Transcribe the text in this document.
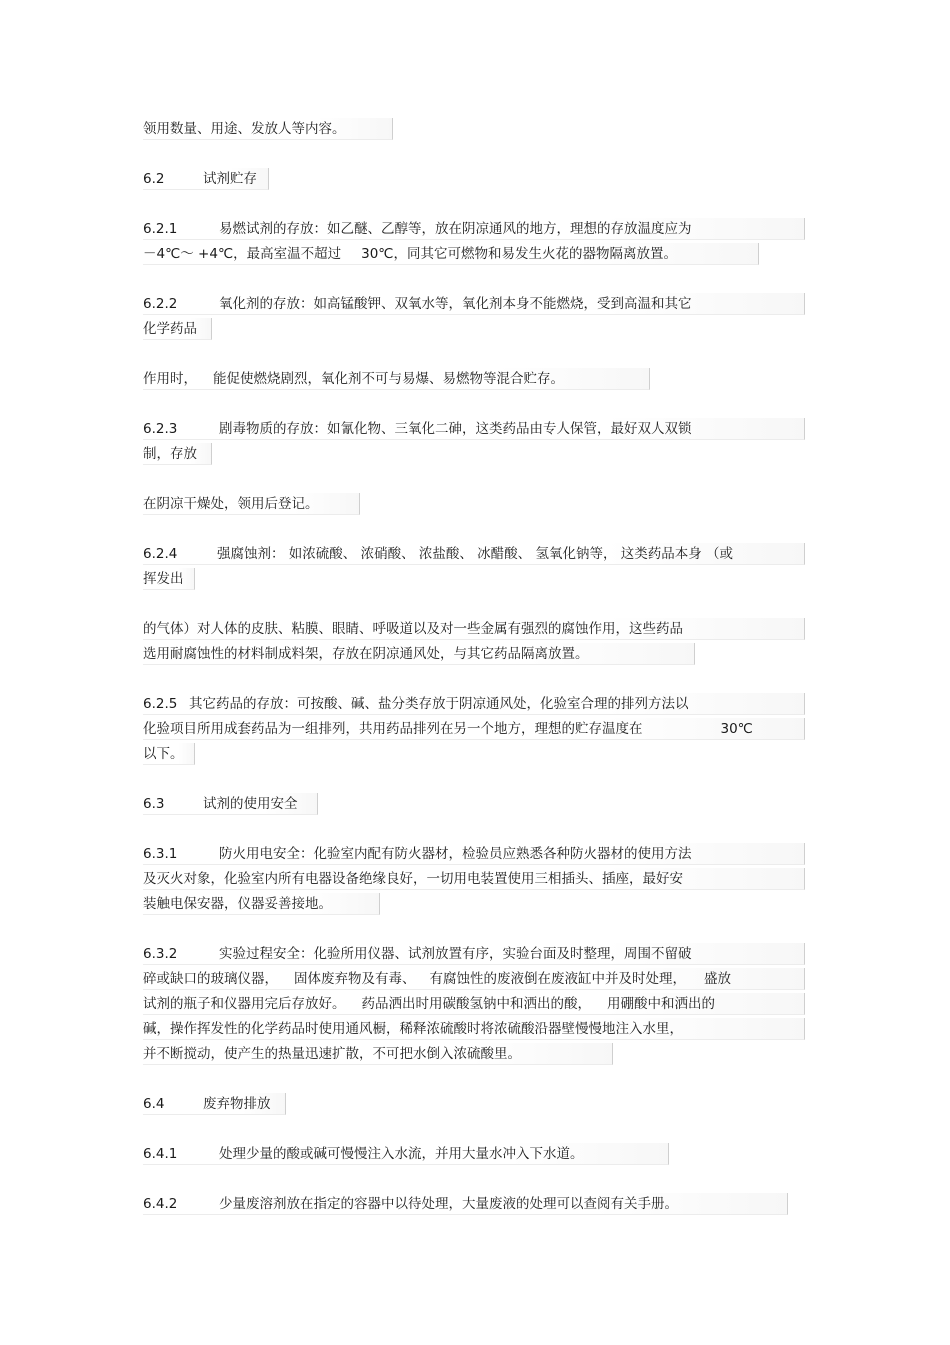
领用数量、用途、发放人等内容。
6.2	试剂贮存
6.2.1	易燃试剂的存放：如乙醚、乙醇等，放在阴凉通风的地方，理想的存放温度应为
－4℃～ +4℃，最高室温不超过 30℃，同其它可燃物和易发生火花的器物隔离放置。
6.2.2	氧化剂的存放：如高锰酸钾、双氧水等，氧化剂本身不能燃烧，受到高温和其它
化学药品
作用时， 能促使燃烧剧烈，氧化剂不可与易爆、易燃物等混合贮存。
6.2.3	剧毒物质的存放：如氰化物、三氧化二砷，这类药品由专人保管，最好双人双锁
制，存放
在阴凉干燥处，领用后登记。
6.2.4	强腐蚀剂： 如浓硫酸、 浓硝酸、 浓盐酸、 冰醋酸、 氢氧化钠等， 这类药品本身 （或
挥发出
的气体）对人体的皮肤、粘膜、眼睛、呼吸道以及对一些金属有强烈的腐蚀作用，这些药品
选用耐腐蚀性的材料制成料架，存放在阴凉通风处，与其它药品隔离放置。
6.2.5 其它药品的存放：可按酸、碱、盐分类存放于阴凉通风处，化验室合理的排列方法以
化验项目所用成套药品为一组排列，共用药品排列在另一个地方，理想的贮存温度在	30℃
以下。
6.3	试剂的使用安全
6.3.1	防火用电安全：化验室内配有防火器材，检验员应熟悉各种防火器材的使用方法
及灭火对象，化验室内所有电器设备绝缘良好，一切用电装置使用三相插头、插座，最好安
装触电保安器，仪器妥善接地。
6.3.2	实验过程安全：化验所用仪器、试剂放置有序，实验台面及时整理，周围不留破
碎或缺口的玻璃仪器， 固体废弃物及有毒、 有腐蚀性的废液倒在废液缸中并及时处理， 盛放
试剂的瓶子和仪器用完后存放好。 药品洒出时用碳酸氢钠中和洒出的酸， 用硼酸中和洒出的
碱，操作挥发性的化学药品时使用通风橱，稀释浓硫酸时将浓硫酸沿器壁慢慢地注入水里，
并不断搅动，使产生的热量迅速扩散，不可把水倒入浓硫酸里。
6.4	废弃物排放
6.4.1	处理少量的酸或碱可慢慢注入水流，并用大量水冲入下水道。
6.4.2	少量废溶剂放在指定的容器中以待处理，大量废液的处理可以查阅有关手册。
